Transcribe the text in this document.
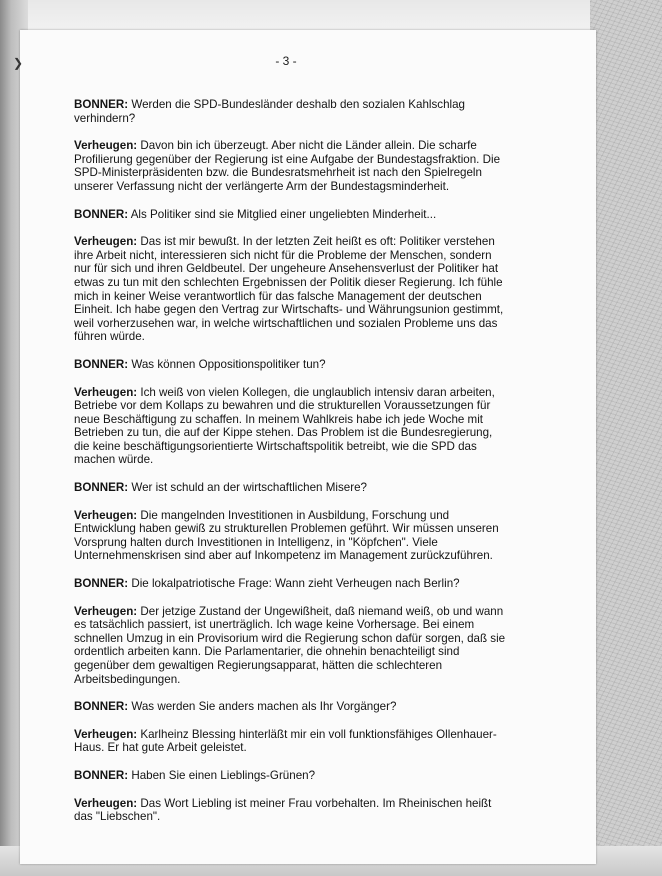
❯	- 3 -

BONNER: Werden die SPD-Bundesländer deshalb den sozialen Kahlschlag verhindern?

Verheugen: Davon bin ich überzeugt. Aber nicht die Länder allein. Die scharfe Profilierung gegenüber der Regierung ist eine Aufgabe der Bundestagsfraktion. Die SPD-Ministerpräsidenten bzw. die Bundesratsmehrheit ist nach den Spielregeln unserer Verfassung nicht der verlängerte Arm der Bundestagsminderheit.

BONNER: Als Politiker sind sie Mitglied einer ungeliebten Minderheit...

Verheugen: Das ist mir bewußt. In der letzten Zeit heißt es oft: Politiker verstehen ihre Arbeit nicht, interessieren sich nicht für die Probleme der Menschen, sondern nur für sich und ihren Geldbeutel. Der ungeheure Ansehensverlust der Politiker hat etwas zu tun mit den schlechten Ergebnissen der Politik dieser Regierung. Ich fühle mich in keiner Weise verantwortlich für das falsche Management der deutschen Einheit. Ich habe gegen den Vertrag zur Wirtschafts- und Währungsunion gestimmt, weil vorherzusehen war, in welche wirtschaftlichen und sozialen Probleme uns das führen würde.

BONNER: Was können Oppositionspolitiker tun?

Verheugen: Ich weiß von vielen Kollegen, die unglaublich intensiv daran arbeiten, Betriebe vor dem Kollaps zu bewahren und die strukturellen Voraussetzungen für neue Beschäftigung zu schaffen. In meinem Wahlkreis habe ich jede Woche mit Betrieben zu tun, die auf der Kippe stehen. Das Problem ist die Bundesregierung, die keine beschäftigungsorientierte Wirtschaftspolitik betreibt, wie die SPD das machen würde.

BONNER: Wer ist schuld an der wirtschaftlichen Misere?

Verheugen: Die mangelnden Investitionen in Ausbildung, Forschung und Entwicklung haben gewiß zu strukturellen Problemen geführt. Wir müssen unseren Vorsprung halten durch Investitionen in Intelligenz, in "Köpfchen". Viele Unternehmenskrisen sind aber auf Inkompetenz im Management zurückzuführen.

BONNER: Die lokalpatriotische Frage: Wann zieht Verheugen nach Berlin?

Verheugen: Der jetzige Zustand der Ungewißheit, daß niemand weiß, ob und wann es tatsächlich passiert, ist unerträglich. Ich wage keine Vorhersage. Bei einem schnellen Umzug in ein Provisorium wird die Regierung schon dafür sorgen, daß sie ordentlich arbeiten kann. Die Parlamentarier, die ohnehin benachteiligt sind gegenüber dem gewaltigen Regierungsapparat, hätten die schlechteren Arbeitsbedingungen.

BONNER: Was werden Sie anders machen als Ihr Vorgänger?

Verheugen: Karlheinz Blessing hinterläßt mir ein voll funktionsfähiges Ollenhauer-Haus. Er hat gute Arbeit geleistet.

BONNER: Haben Sie einen Lieblings-Grünen?

Verheugen: Das Wort Liebling ist meiner Frau vorbehalten. Im Rheinischen heißt das "Liebschen".
